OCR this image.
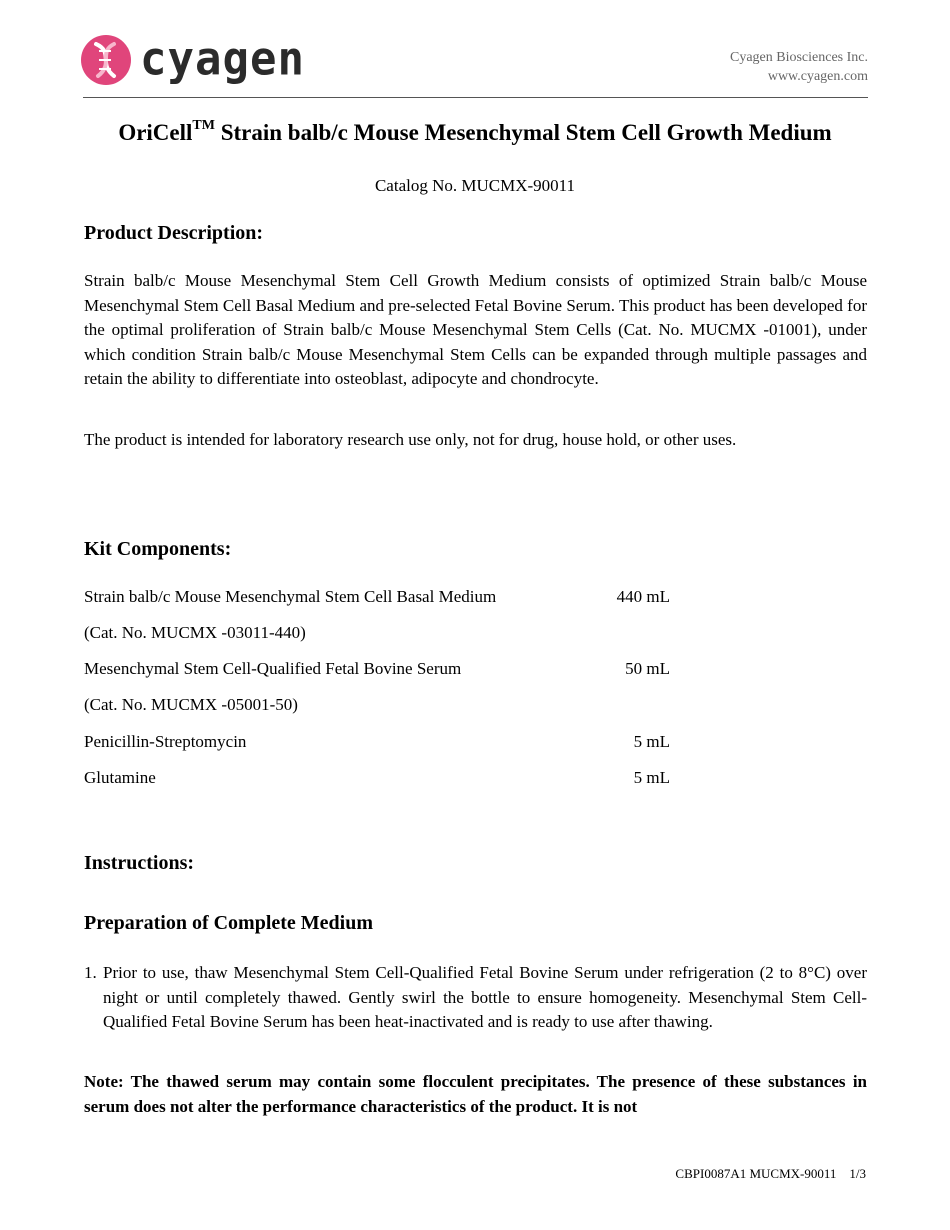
cyagen	Cyagen Biosciences Inc.
www.cyagen.com
OriCell™ Strain balb/c Mouse Mesenchymal Stem Cell Growth Medium
Catalog No. MUCMX-90011
Product Description:
Strain balb/c Mouse Mesenchymal Stem Cell Growth Medium consists of optimized Strain balb/c Mouse Mesenchymal Stem Cell Basal Medium and pre-selected Fetal Bovine Serum. This product has been developed for the optimal proliferation of Strain balb/c Mouse Mesenchymal Stem Cells (Cat. No. MUCMX -01001), under which condition Strain balb/c Mouse Mesenchymal Stem Cells can be expanded through multiple passages and retain the ability to differentiate into osteoblast, adipocyte and chondrocyte.
The product is intended for laboratory research use only, not for drug, house hold, or other uses.
Kit Components:
Strain balb/c Mouse Mesenchymal Stem Cell Basal Medium	440 mL
(Cat. No. MUCMX -03011-440)
Mesenchymal Stem Cell-Qualified Fetal Bovine Serum	50 mL
(Cat. No. MUCMX -05001-50)
Penicillin-Streptomycin	5 mL
Glutamine	5 mL
Instructions:
Preparation of Complete Medium
1. Prior to use, thaw Mesenchymal Stem Cell-Qualified Fetal Bovine Serum under refrigeration (2 to 8°C) over night or until completely thawed. Gently swirl the bottle to ensure homogeneity. Mesenchymal Stem Cell-Qualified Fetal Bovine Serum has been heat-inactivated and is ready to use after thawing.
Note: The thawed serum may contain some flocculent precipitates. The presence of these substances in serum does not alter the performance characteristics of the product. It is not
CBPI0087A1 MUCMX-90011 1/3
